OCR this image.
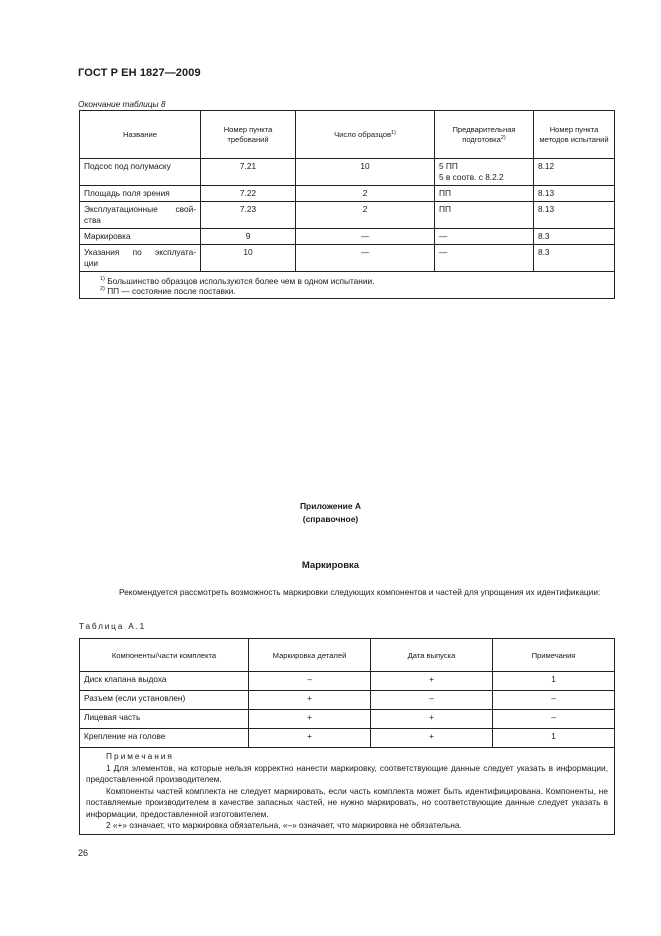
ГОСТ Р ЕН 1827—2009
Окончание таблицы 8
Название	Номер пункта требований	Число образцов$^{1)}$	Предварительная подготовка$^{2)}$	Номер пункта методов испытаний
Подсос под полумаску	7.21	10	5 ПП
5 в соотв. с 8.2.2	8.12
Площадь поля зрения	7.22	2	ПП	8.13

Эксплуатационные свой-
ства	7.23	2	ПП	8.13
Маркировка	9	—	—	8.3

Указания по эксплуата-
ции	10	—	—	8.3

$^{1)}$ Большинство образцов используются более чем в одном испытании.
$^{2)}$ ПП — состояние после поставки.				
Приложение А
(справочное)
Маркировка
Рекомендуется рассмотреть возможность маркировки следующих компонентов и частей для упрощения их идентификации:
Таблица А.1
Компоненты/части комплекта	Маркировка деталей	Дата выпуска	Примечания
Диск клапана выдоха	–	+	1
Разъем (если установлен)	+	–	–
Лицевая часть	+	+	–
Крепление на голове	+	+	1

Примечания
1 Для элементов, на которые нельзя корректно нанести маркировку, соответствующие данные следует указать в информации, предоставленной производителем.
Компоненты частей комплекта не следует маркировать, если часть комплекта может быть идентифицирована. Компоненты, не поставляемые производителем в качестве запасных частей, не нужно маркировать, но соответствующие данные следует указать в информации, предоставленной изготовителем.
2 «+» означает, что маркировка обязательна, «–» означает, что маркировка не обязательна.			
26
